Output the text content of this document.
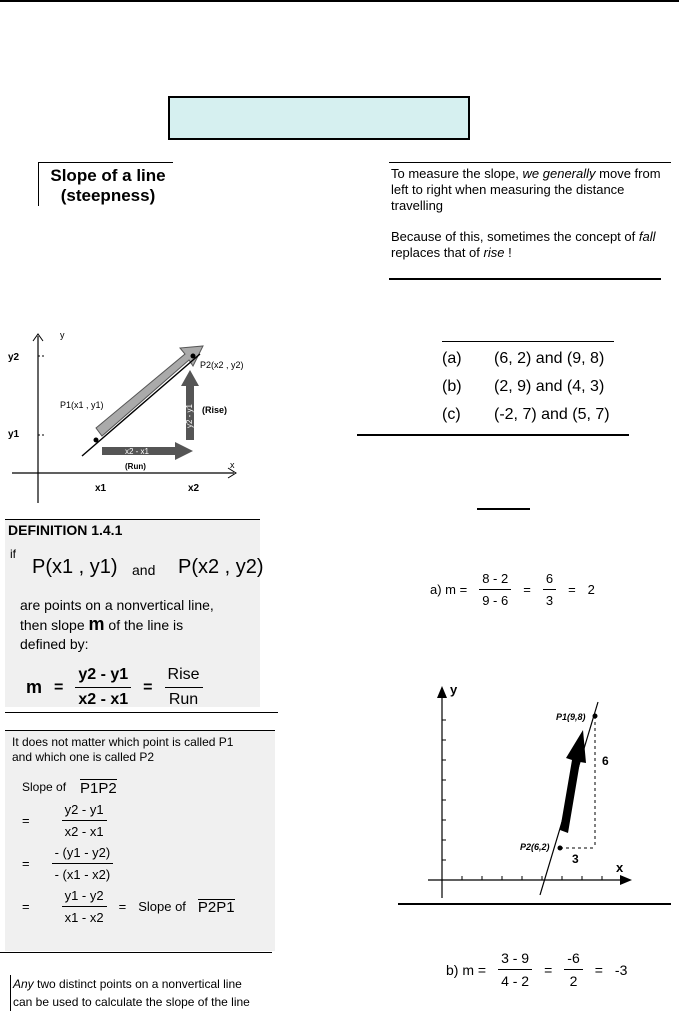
Slope of a line
(steepness)

To measure the slope, we generally move from left to right when measuring the distance travelling

Because of this, sometimes the concept of fall replaces that of rise !

y
x
y2
y1
x1	x2
P1(x1 , y1)
P2(x2 , y2)
y2 - y1 (Rise)
x2 - x1
(Run)
(a)	(6, 2) and (9, 8)
(b)	(2, 9) and (4, 3)
(c)	(-2, 7) and (5, 7)
DEFINITION 1.4.1
if
P(x1 , y1) and P(x2 , y2)
are points on a nonvertical line, then slope m of the line is defined by:
$m = \frac{y2 - y1}{x2 - x1}$ =
Rise
Run
It does not matter which point is called P1
and which one is called P2
Slope of P1P2
= $\frac{y2 - y1}{x2 - x1}$
= $\frac{- (y1 - y2)}{- (x1 - x2)}$
= $\frac{y1 - y2}{x1 - x2}$ = Slope of P2P1
Any two distinct points on a nonvertical line
can be used to calculate the slope of the line
a) $m = \frac{8 - 2}{9 - 6} = \frac{6}{3} = 2$
y
x
P1(9,8)
P2(6,2)
6
3
b) $m = \frac{3 - 9}{4 - 2} = \frac{-6}{2} = -3$
